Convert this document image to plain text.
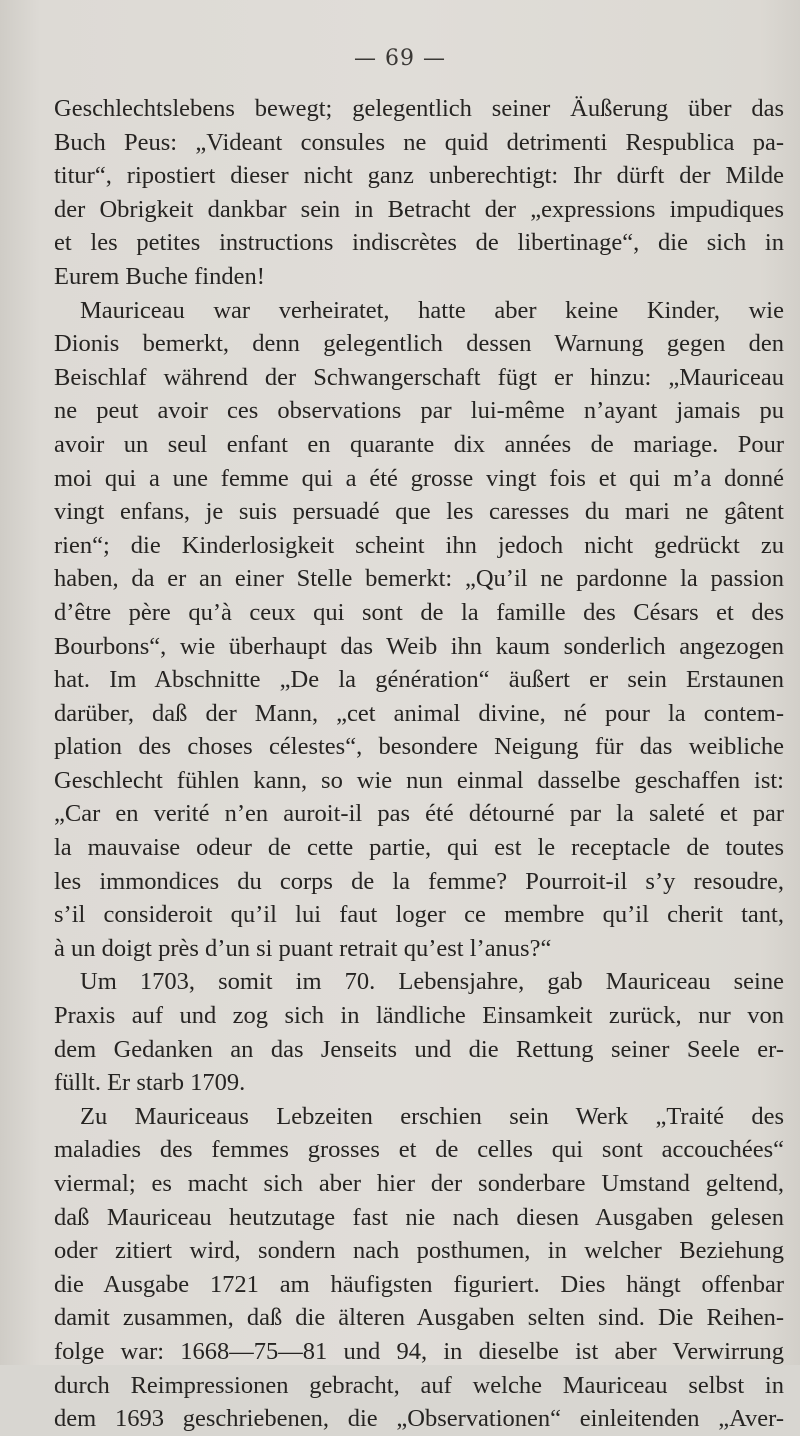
— 69 —
Geschlechtslebens bewegt; gelegentlich seiner Äußerung über das
Buch Peus: „Videant consules ne quid detrimenti Respublica pa-
titur“, ripostiert dieser nicht ganz unberechtigt: Ihr dürft der Milde
der Obrigkeit dankbar sein in Betracht der „expressions impudiques
et les petites instructions indiscrètes de libertinage“, die sich in
Eurem Buche finden!
Mauriceau war verheiratet, hatte aber keine Kinder, wie
Dionis bemerkt, denn gelegentlich dessen Warnung gegen den
Beischlaf während der Schwangerschaft fügt er hinzu: „Mauriceau
ne peut avoir ces observations par lui-même n’ayant jamais pu
avoir un seul enfant en quarante dix années de mariage. Pour
moi qui a une femme qui a été grosse vingt fois et qui m’a donné
vingt enfans, je suis persuadé que les caresses du mari ne gâtent
rien“; die Kinderlosigkeit scheint ihn jedoch nicht gedrückt zu
haben, da er an einer Stelle bemerkt: „Qu’il ne pardonne la passion
d’être père qu’à ceux qui sont de la famille des Césars et des
Bourbons“, wie überhaupt das Weib ihn kaum sonderlich angezogen
hat. Im Abschnitte „De la génération“ äußert er sein Erstaunen
darüber, daß der Mann, „cet animal divine, né pour la contem-
plation des choses célestes“, besondere Neigung für das weibliche
Geschlecht fühlen kann, so wie nun einmal dasselbe geschaffen ist:
„Car en verité n’en auroit-il pas été détourné par la saleté et par
la mauvaise odeur de cette partie, qui est le receptacle de toutes
les immondices du corps de la femme? Pourroit-il s’y resoudre,
s’il consideroit qu’il lui faut loger ce membre qu’il cherit tant,
à un doigt près d’un si puant retrait qu’est l’anus?“
Um 1703, somit im 70. Lebensjahre, gab Mauriceau seine
Praxis auf und zog sich in ländliche Einsamkeit zurück, nur von
dem Gedanken an das Jenseits und die Rettung seiner Seele er-
füllt. Er starb 1709.
Zu Mauriceaus Lebzeiten erschien sein Werk „Traité des
maladies des femmes grosses et de celles qui sont accouchées“
viermal; es macht sich aber hier der sonderbare Umstand geltend,
daß Mauriceau heutzutage fast nie nach diesen Ausgaben gelesen
oder zitiert wird, sondern nach posthumen, in welcher Beziehung
die Ausgabe 1721 am häufigsten figuriert. Dies hängt offenbar
damit zusammen, daß die älteren Ausgaben selten sind. Die Reihen-
folge war: 1668—75—81 und 94, in dieselbe ist aber Verwirrung
durch Reimpressionen gebracht, auf welche Mauriceau selbst in
dem 1693 geschriebenen, die „Observationen“ einleitenden „Aver-
